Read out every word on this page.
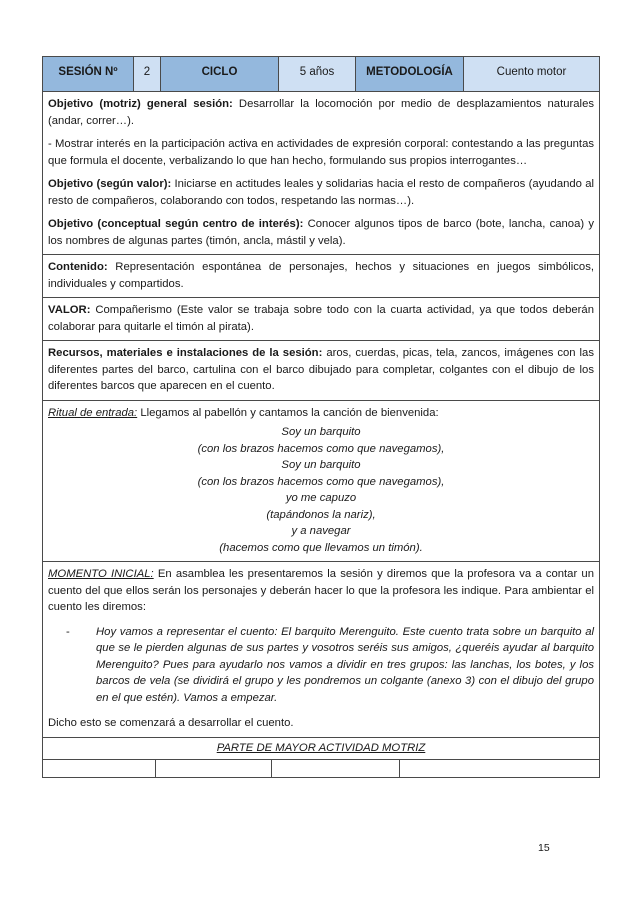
SESIÓN Nº	2	CICLO	5 años	METODOLOGÍA	Cuento motor

Objetivo (motriz) general sesión: Desarrollar la locomoción por medio de desplazamientos naturales (andar, correr…).

- Mostrar interés en la participación activa en actividades de expresión corporal: contestando a las preguntas que formula el docente, verbalizando lo que han hecho, formulando sus propios interrogantes…

Objetivo (según valor): Iniciarse en actitudes leales y solidarias hacia el resto de compañeros (ayudando al resto de compañeros, colaborando con todos, respetando las normas…).

Objetivo (conceptual según centro de interés): Conocer algunos tipos de barco (bote, lancha, canoa) y los nombres de algunas partes (timón, ancla, mástil y vela).

Contenido: Representación espontánea de personajes, hechos y situaciones en juegos simbólicos, individuales y compartidos.
VALOR: Compañerismo (Este valor se trabaja sobre todo con la cuarta actividad, ya que todos deberán colaborar para quitarle el timón al pirata).
Recursos, materiales e instalaciones de la sesión: aros, cuerdas, picas, tela, zancos, imágenes con las diferentes partes del barco, cartulina con el barco dibujado para completar, colgantes con el dibujo de los diferentes barcos que aparecen en el cuento.
Ritual de entrada: Llegamos al pabellón y cantamos la canción de bienvenida:
Soy un barquito
(con los brazos hacemos como que navegamos),
Soy un barquito
(con los brazos hacemos como que navegamos),
yo me capuzo
(tapándonos la nariz),
y a navegar
(hacemos como que llevamos un timón).
MOMENTO INICIAL: En asamblea les presentaremos la sesión y diremos que la profesora va a contar un cuento del que ellos serán los personajes y deberán hacer lo que la profesora les indique. Para ambientar el cuento les diremos:
-	Hoy vamos a representar el cuento: El barquito Merenguito. Este cuento trata sobre un barquito al que se le pierden algunas de sus partes y vosotros seréis sus amigos, ¿queréis ayudar al barquito Merenguito? Pues para ayudarlo nos vamos a dividir en tres grupos: las lanchas, los botes, y los barcos de vela (se dividirá el grupo y les pondremos un colgante (anexo 3) con el dibujo del grupo en el que estén). Vamos a empezar.
Dicho esto se comenzará a desarrollar el cuento.
PARTE DE MAYOR ACTIVIDAD MOTRIZ
15
